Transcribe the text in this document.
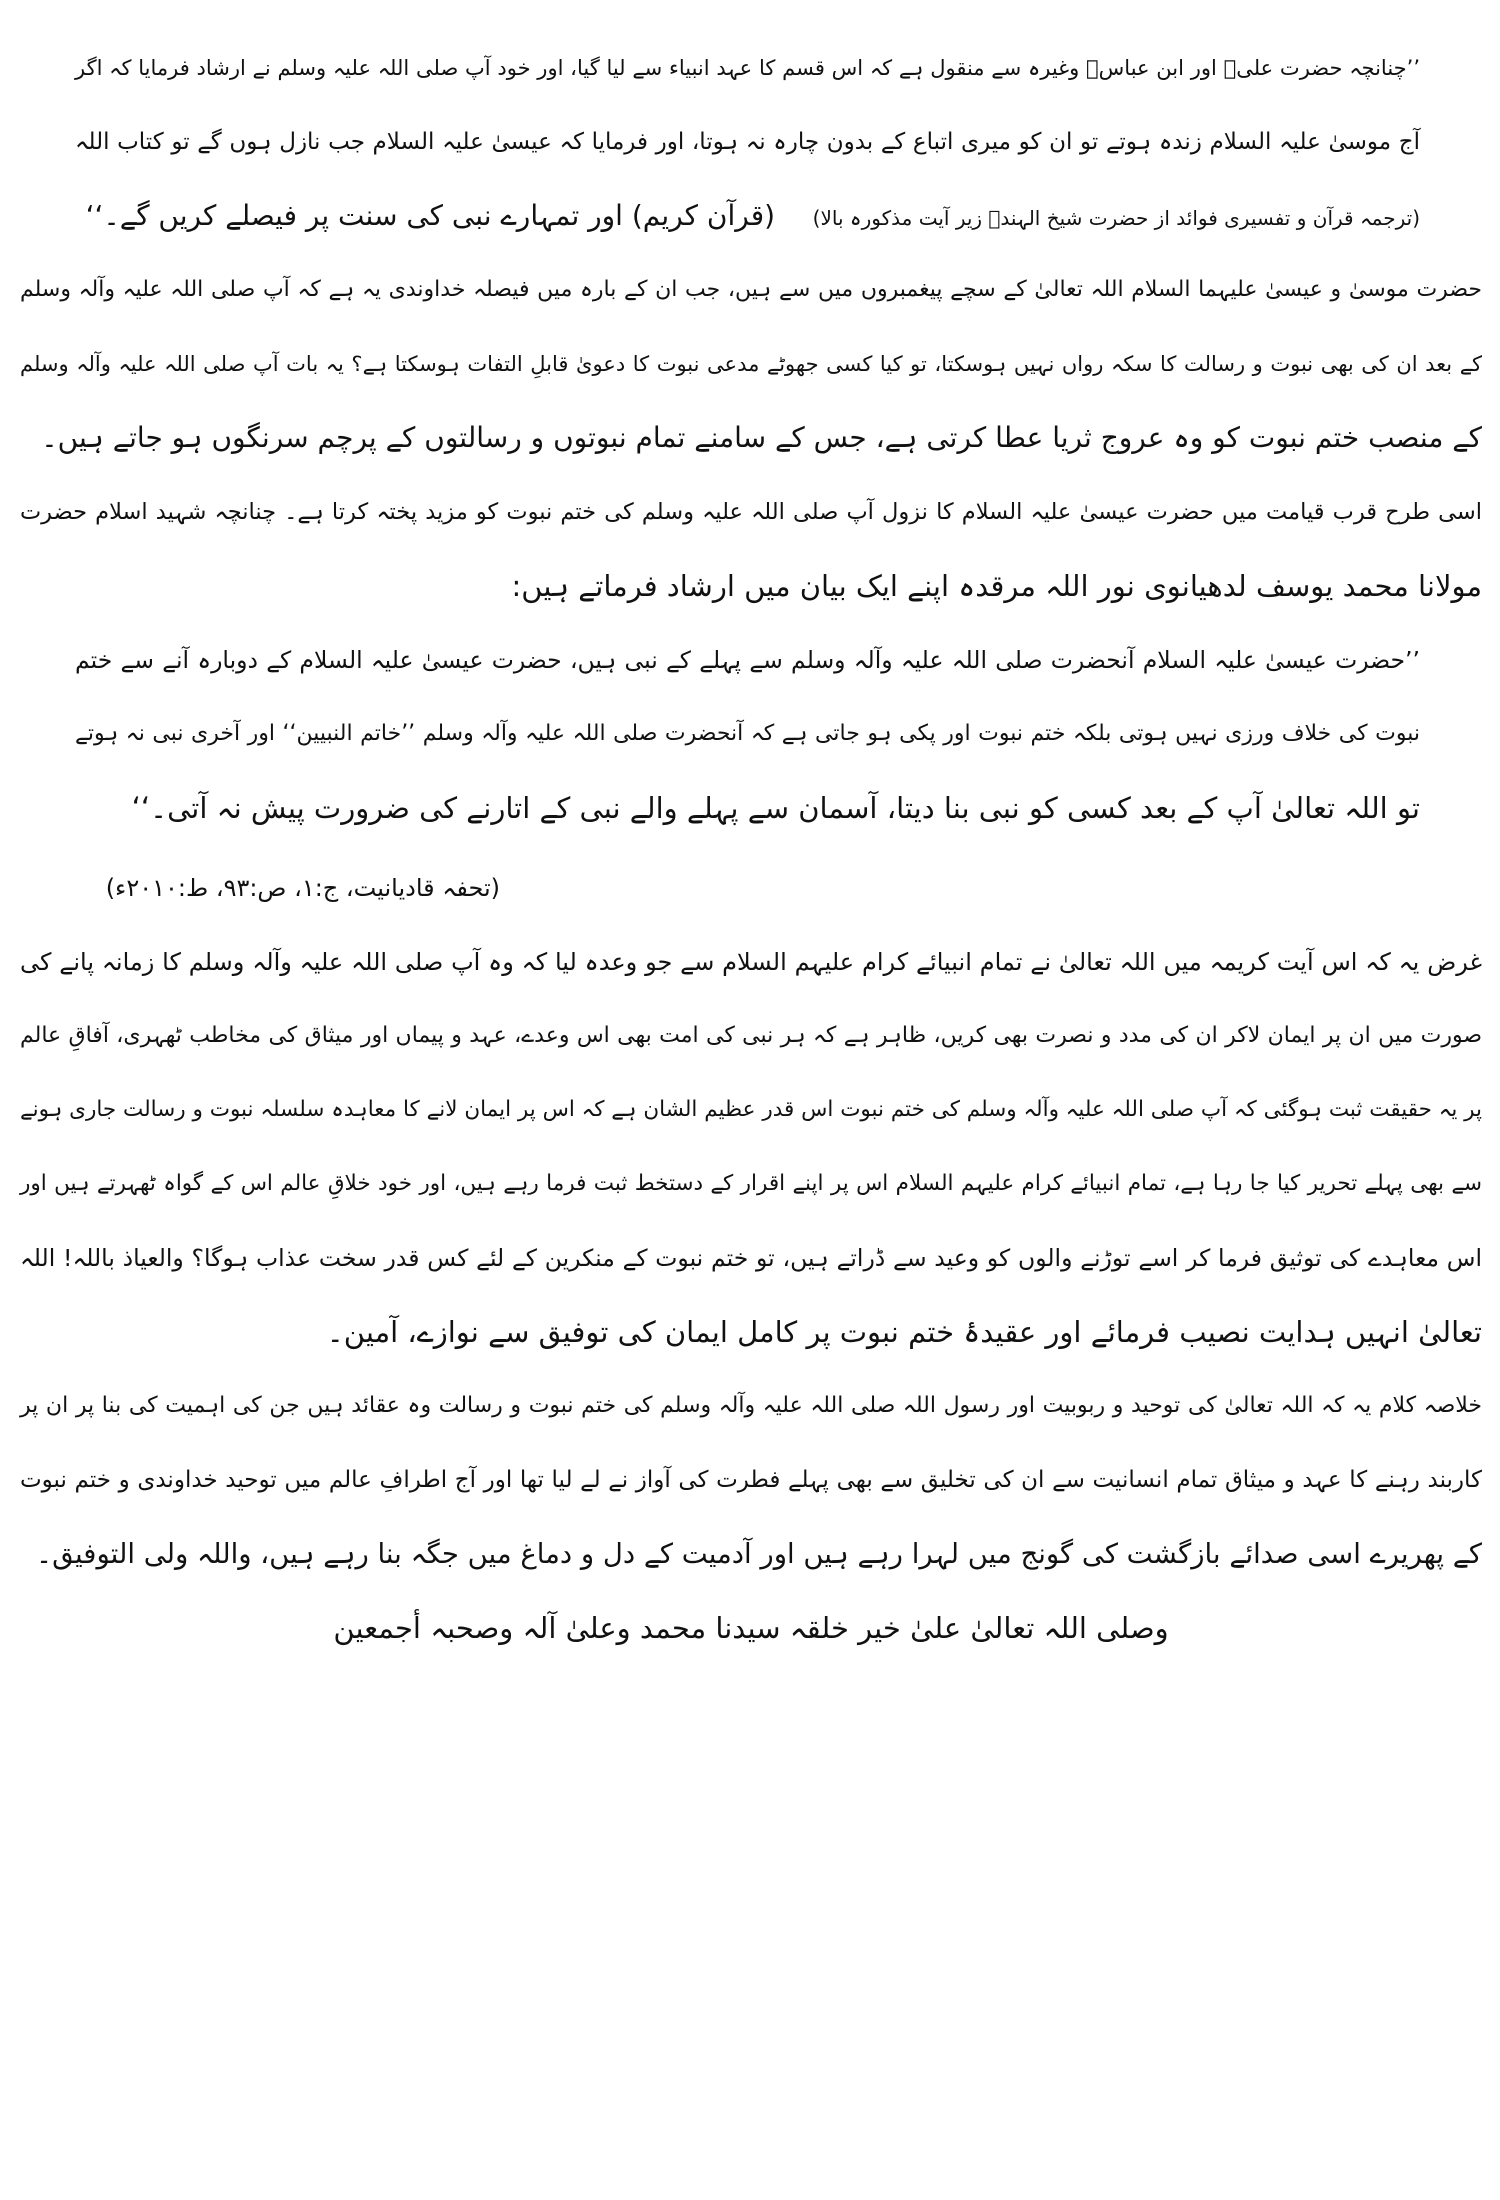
’’چنانچہ حضرت علیؓ اور ابن عباسؓ وغیرہ سے منقول ہے کہ اس قسم کا عہد انبیاء سے لیا گیا، اور خود آپ صلی اللہ علیہ وسلم نے ارشاد فرمایا کہ اگر
آج موسیٰ علیہ السلام زندہ ہوتے تو ان کو میری اتباع کے بدون چارہ نہ ہوتا، اور فرمایا کہ عیسیٰ علیہ السلام جب نازل ہوں گے تو کتاب اللہ
(قرآن کریم) اور تمہارے نبی کی سنت پر فیصلے کریں گے۔‘‘ (ترجمہ قرآن و تفسیری فوائد از حضرت شیخ الہندؒ زیر آیت مذکورہ بالا)
حضرت موسیٰ و عیسیٰ علیہما السلام اللہ تعالیٰ کے سچے پیغمبروں میں سے ہیں، جب ان کے بارہ میں فیصلہ خداوندی یہ ہے کہ آپ صلی اللہ علیہ وآلہ وسلم
کے بعد ان کی بھی نبوت و رسالت کا سکہ رواں نہیں ہوسکتا، تو کیا کسی جھوٹے مدعی نبوت کا دعویٰ قابلِ التفات ہوسکتا ہے؟ یہ بات آپ صلی اللہ علیہ وآلہ وسلم
کے منصب ختم نبوت کو وہ عروج ثریا عطا کرتی ہے، جس کے سامنے تمام نبوتوں و رسالتوں کے پرچم سرنگوں ہو جاتے ہیں۔
اسی طرح قرب قیامت میں حضرت عیسیٰ علیہ السلام کا نزول آپ صلی اللہ علیہ وسلم کی ختم نبوت کو مزید پختہ کرتا ہے۔ چنانچہ شہید اسلام حضرت
مولانا محمد یوسف لدھیانوی نور اللہ مرقدہ اپنے ایک بیان میں ارشاد فرماتے ہیں:
’’حضرت عیسیٰ علیہ السلام آنحضرت صلی اللہ علیہ وآلہ وسلم سے پہلے کے نبی ہیں، حضرت عیسیٰ علیہ السلام کے دوبارہ آنے سے ختم
نبوت کی خلاف ورزی نہیں ہوتی بلکہ ختم نبوت اور پکی ہو جاتی ہے کہ آنحضرت صلی اللہ علیہ وآلہ وسلم ’’خاتم النبیین‘‘ اور آخری نبی نہ ہوتے
تو اللہ تعالیٰ آپ کے بعد کسی کو نبی بنا دیتا، آسمان سے پہلے والے نبی کے اتارنے کی ضرورت پیش نہ آتی۔‘‘
(تحفہ قادیانیت، ج:۱، ص:۹۳، ط:۲۰۱۰ء)
غرض یہ کہ اس آیت کریمہ میں اللہ تعالیٰ نے تمام انبیائے کرام علیہم السلام سے جو وعدہ لیا کہ وہ آپ صلی اللہ علیہ وآلہ وسلم کا زمانہ پانے کی
صورت میں ان پر ایمان لاکر ان کی مدد و نصرت بھی کریں، ظاہر ہے کہ ہر نبی کی امت بھی اس وعدے، عہد و پیماں اور میثاق کی مخاطب ٹھہری، آفاقِ عالم
پر یہ حقیقت ثبت ہوگئی کہ آپ صلی اللہ علیہ وآلہ وسلم کی ختم نبوت اس قدر عظیم الشان ہے کہ اس پر ایمان لانے کا معاہدہ سلسلہ نبوت و رسالت جاری ہونے
سے بھی پہلے تحریر کیا جا رہا ہے، تمام انبیائے کرام علیہم السلام اس پر اپنے اقرار کے دستخط ثبت فرما رہے ہیں، اور خود خلاقِ عالم اس کے گواہ ٹھہرتے ہیں اور
اس معاہدے کی توثیق فرما کر اسے توڑنے والوں کو وعید سے ڈراتے ہیں، تو ختم نبوت کے منکرین کے لئے کس قدر سخت عذاب ہوگا؟ والعیاذ باللہ! اللہ
تعالیٰ انہیں ہدایت نصیب فرمائے اور عقیدۂ ختم نبوت پر کامل ایمان کی توفیق سے نوازے، آمین۔
خلاصہ کلام یہ کہ اللہ تعالیٰ کی توحید و ربوبیت اور رسول اللہ صلی اللہ علیہ وآلہ وسلم کی ختم نبوت و رسالت وہ عقائد ہیں جن کی اہمیت کی بنا پر ان پر
کاربند رہنے کا عہد و میثاق تمام انسانیت سے ان کی تخلیق سے بھی پہلے فطرت کی آواز نے لے لیا تھا اور آج اطرافِ عالم میں توحید خداوندی و ختم نبوت
کے پھریرے اسی صدائے بازگشت کی گونج میں لہرا رہے ہیں اور آدمیت کے دل و دماغ میں جگہ بنا رہے ہیں، واللہ ولی التوفیق۔
وصلی اللہ تعالیٰ علیٰ خیر خلقہ سیدنا محمد وعلیٰ آلہ وصحبہ أجمعین
